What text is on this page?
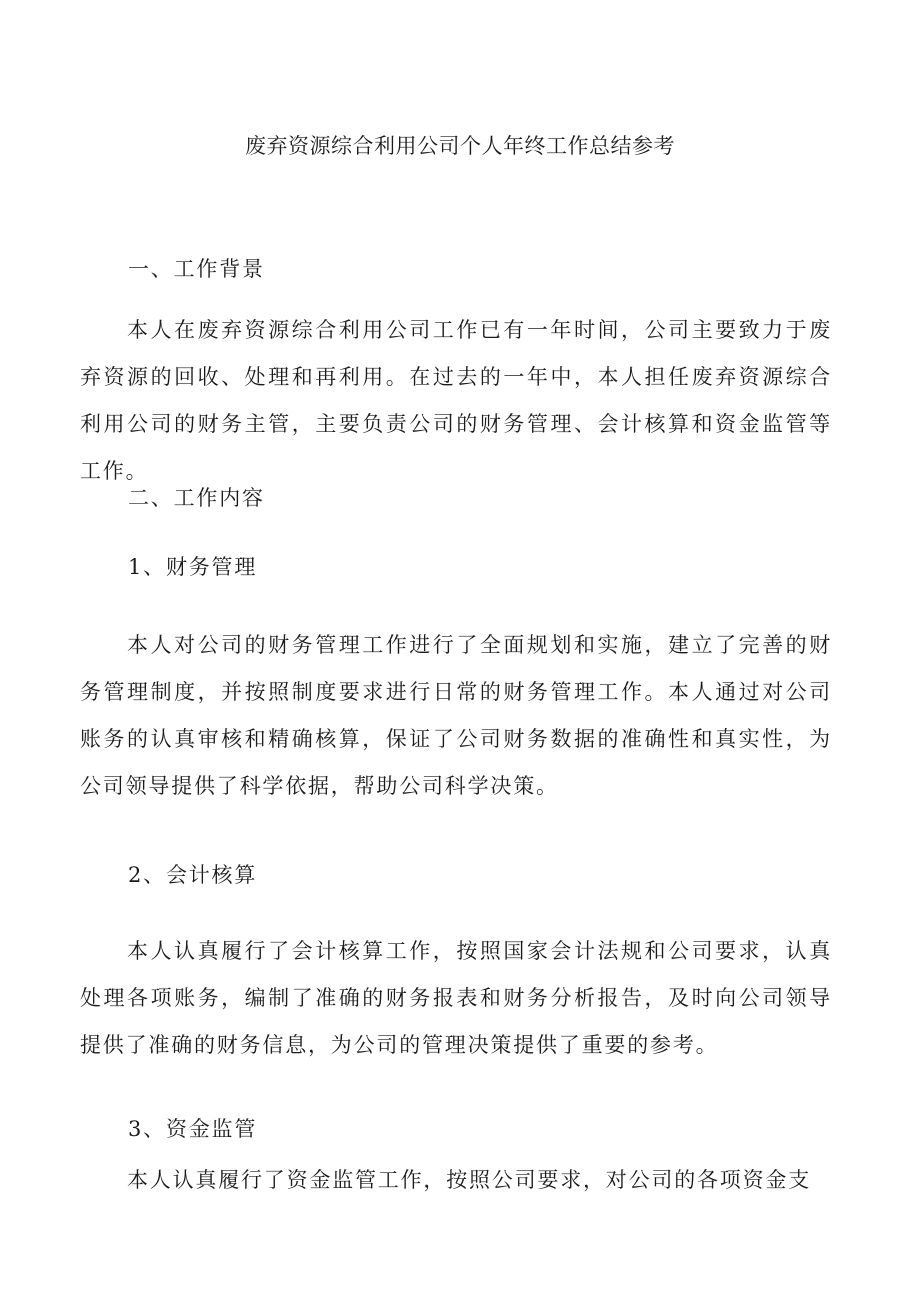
废弃资源综合利用公司个人年终工作总结参考
一、工作背景

本人在废弃资源综合利用公司工作已有一年时间，公司主要致力于废弃资源的回收、处理和再利用。在过去的一年中，本人担任废弃资源综合利用公司的财务主管，主要负责公司的财务管理、会计核算和资金监管等工作。

二、工作内容
1、财务管理

本人对公司的财务管理工作进行了全面规划和实施，建立了完善的财务管理制度，并按照制度要求进行日常的财务管理工作。本人通过对公司账务的认真审核和精确核算，保证了公司财务数据的准确性和真实性，为公司领导提供了科学依据，帮助公司科学决策。

2、会计核算

本人认真履行了会计核算工作，按照国家会计法规和公司要求，认真处理各项账务，编制了准确的财务报表和财务分析报告，及时向公司领导提供了准确的财务信息，为公司的管理决策提供了重要的参考。

3、资金监管

本人认真履行了资金监管工作，按照公司要求，对公司的各项资金支
